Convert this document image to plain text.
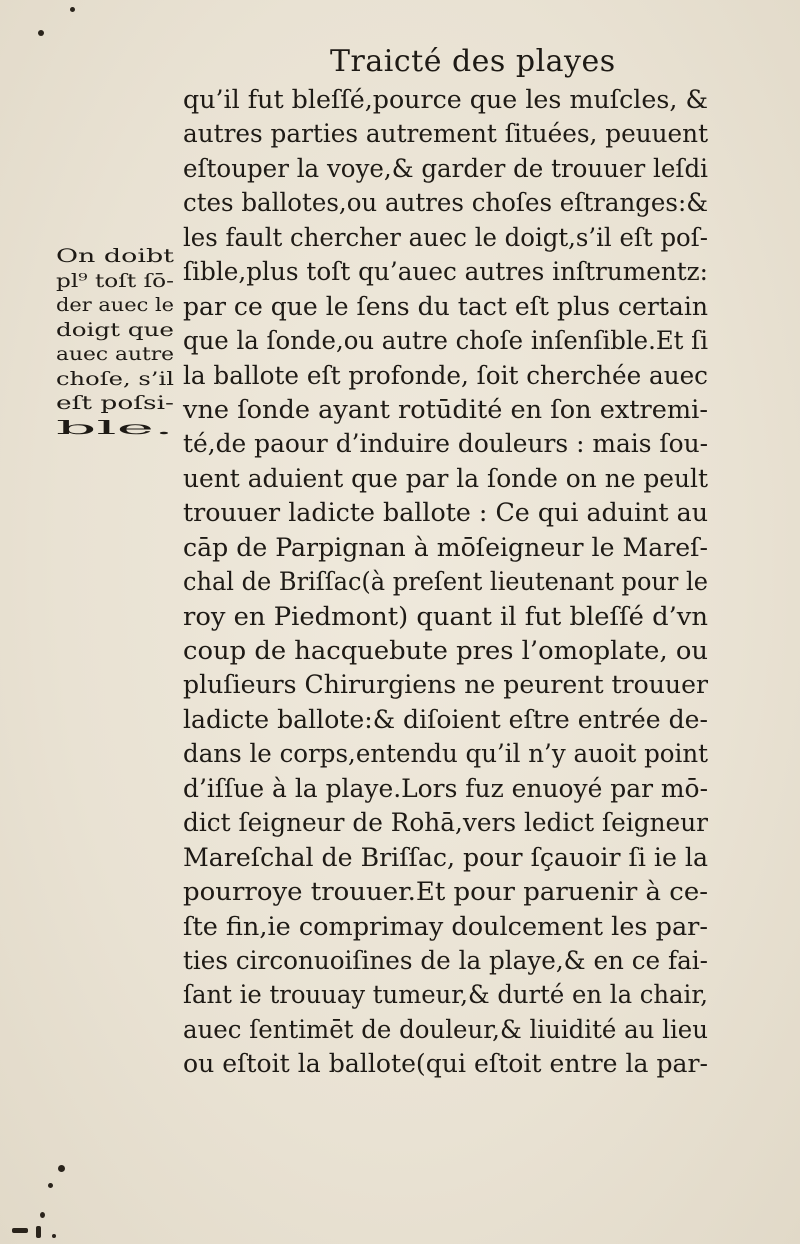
Traicté des playes
On doibt
pl⁹ toſt ſō-
der auec le
doigt que
auec autre
choſe, s’il
eſt poſsi-
ble.
qu’il fut bleſſé,pource que les muſcles, &
autres parties autrement ſituées, peuuent
eſtouper la voye,& garder de trouuer leſdi
ctes ballotes,ou autres choſes eſtranges:&
les fault chercher auec le doigt,s’il eſt poſ-
ſible,plus toſt qu’auec autres inſtrumentz:
par ce que le ſens du tact eſt plus certain
que la ſonde,ou autre choſe inſenſible.Et ſi
la ballote eſt profonde, ſoit cherchée auec
vne ſonde ayant rotūdité en ſon extremi-
té,de paour d’induire douleurs : mais ſou-
uent aduient que par la ſonde on ne peult
trouuer ladicte ballote : Ce qui aduint au
cāp de Parpignan à mōſeigneur le Mareſ-
chal de Briſſac(à preſent lieutenant pour le
roy en Piedmont) quant il fut bleſſé d’vn
coup de hacquebute pres l’omoplate, ou
pluſieurs Chirurgiens ne peurent trouuer
ladicte ballote:& diſoient eſtre entrée de-
dans le corps,entendu qu’il n’y auoit point
d’iſſue à la playe.Lors fuz enuoyé par mō-
dict ſeigneur de Rohā,vers ledict ſeigneur
Mareſchal de Briſſac, pour ſçauoir ſi ie la
pourroye trouuer.Et pour paruenir à ce-
ſte fin,ie comprimay doulcement les par-
ties circonuoiſines de la playe,& en ce fai-
ſant ie trouuay tumeur,& durté en la chair,
auec ſentimēt de douleur,& liuidité au lieu
ou eſtoit la ballote(qui eſtoit entre la par-
